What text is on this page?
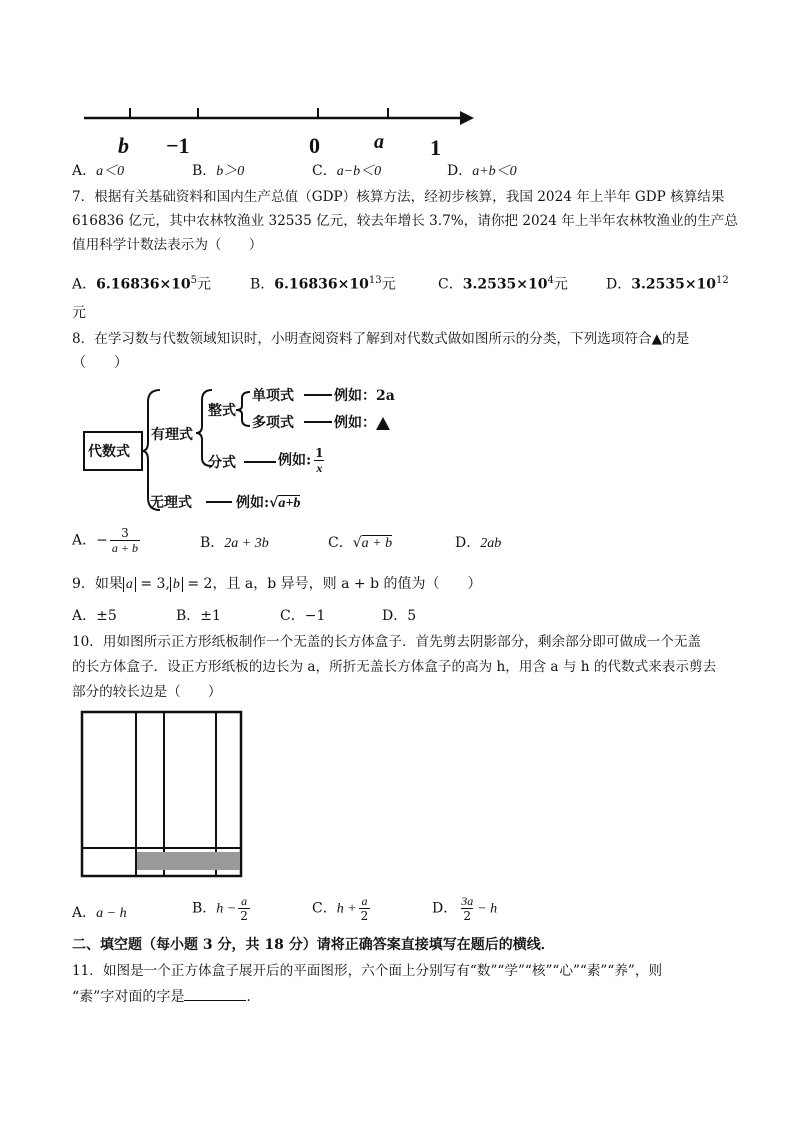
b −1	0	a 1
A．a＜0	B．b＞0	C．a−b＜0	D．a+b＜0
7．根据有关基础资料和国内生产总值（GDP）核算方法，经初步核算，我国 2024 年上半年 GDP 核算结果
616836 亿元，其中农林牧渔业 32535 亿元，较去年增长 3.7%，请你把 2024 年上半年农林牧渔业的生产总
值用科学计数法表示为（　　）
A．$6.16836\times 10^5$元	B．$6.16836\times 10^{13}$元	C．$3.2535\times 10^4$元	D．$3.2535\times 10^{12}$
元
8．在学习数与代数领域知识时，小明查阅资料了解到对代数式做如图所示的分类，下列选项符合▲的是
（　　）
代数式
有理式
整式
单项式	例如：2a
多项式	例如：
分式	例如: $\frac{1}{x}$
无理式	例如:√a+b
A．− $\frac{3}{a + b}$	B．2a + 3b	C．√a + b	D．2ab
9．如果 a = 3, b = 2，且 a，b 异号，则 a + b 的值为（　　）
A．±5	B．±1	C．−1	D．5
10．用如图所示正方形纸板制作一个无盖的长方体盒子．首先剪去阴影部分，剩余部分即可做成一个无盖
的长方体盒子．设正方形纸板的边长为 a，所折无盖长方体盒子的高为 h，用含 a 与 h 的代数式来表示剪去
部分的较长边是（　　）
A．a − h	B．$h - \frac{a}{2}$	C．$h + \frac{a}{2}$	D． $\frac{3a}{2} - h$
二、填空题（每小题 3 分，共 18 分）请将正确答案直接填写在题后的横线．
11．如图是一个正方体盒子展开后的平面图形，六个面上分别写有“数”“学”“核”“心”“素”“养”，则
“素”字对面的字是	.
